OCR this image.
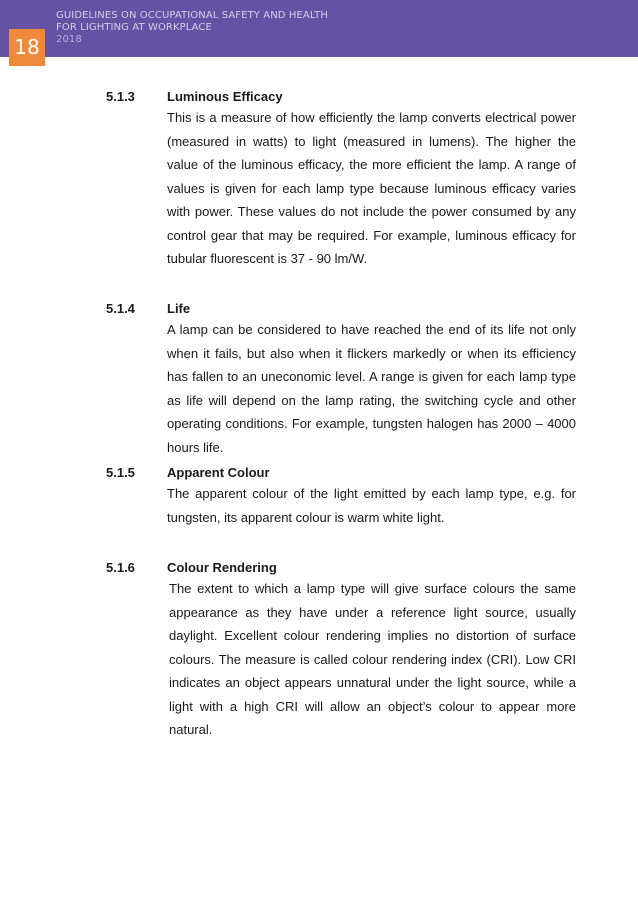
GUIDELINES ON OCCUPATIONAL SAFETY AND HEALTH
FOR LIGHTING AT WORKPLACE
2018
18
5.1.3 Luminous Efficacy

This is a measure of how efficiently the lamp converts electrical power (measured in watts) to light (measured in lumens). The higher the value of the luminous efficacy, the more efficient the lamp. A range of values is given for each lamp type because luminous efficacy varies with power. These values do not include the power consumed by any control gear that may be required. For example, luminous efficacy for tubular fluorescent is 37 - 90 lm/W.

5.1.4 Life

A lamp can be considered to have reached the end of its life not only when it fails, but also when it flickers markedly or when its efficiency has fallen to an uneconomic level. A range is given for each lamp type as life will depend on the lamp rating, the switching cycle and other operating conditions. For example, tungsten halogen has 2000 – 4000 hours life.

5.1.5 Apparent Colour

The apparent colour of the light emitted by each lamp type, e.g. for tungsten, its apparent colour is warm white light.

5.1.6 Colour Rendering

The extent to which a lamp type will give surface colours the same appearance as they have under a reference light source, usually daylight. Excellent colour rendering implies no distortion of surface colours. The measure is called colour rendering index (CRI). Low CRI indicates an object appears unnatural under the light source, while a light with a high CRI will allow an object’s colour to appear more natural.
